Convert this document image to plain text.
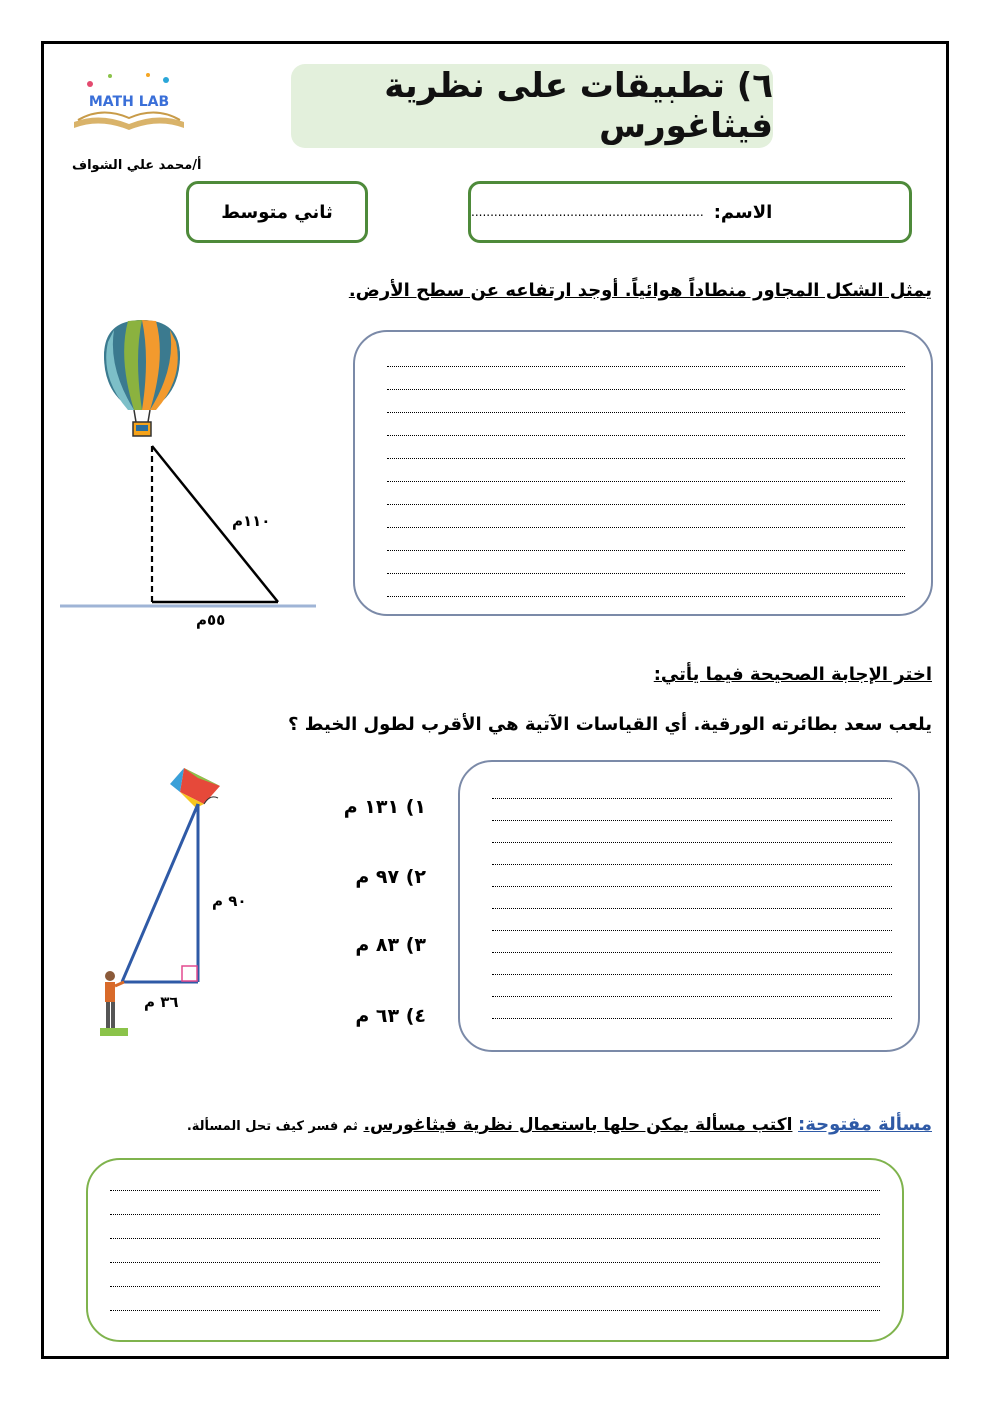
MATH LAB
أ/محمد علي الشواف
٦) تطبيقات على نظرية فيثاغورس
ثاني متوسط	الاسم:
.............................................................
يمثل الشكل المجاور منطاداً هوائياً. أوجد ارتفاعه عن سطح الأرض.
١١٠م
٥٥م
اختر الإجابة الصحيحة فيما يأتي:
يلعب سعد بطائرته الورقية. أي القياسات الآتية هي الأقرب لطول الخيط ؟
٩٠ م
٣٦ م
١) ١٣١ م
٢) ٩٧ م
٣) ٨٣ م
٤) ٦٣ م
مسألة مفتوحة: اكتب مسألة يمكن حلها باستعمال نظرية فيثاغورس. ثم فسر كيف تحل المسألة.
